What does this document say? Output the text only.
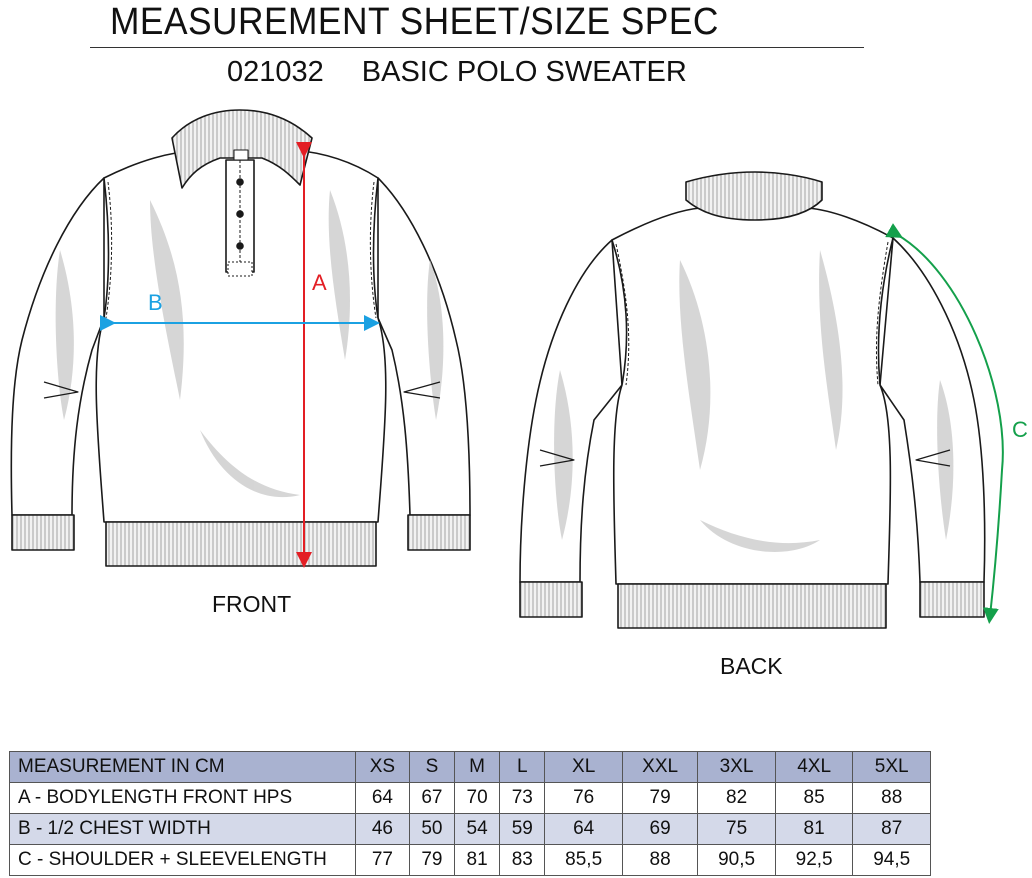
MEASUREMENT SHEET/SIZE SPEC
021032 BASIC POLO SWEATER
A
B
C
FRONT
BACK
MEASUREMENT IN CM	XS	S	M	L	XL	XXL	3XL	4XL	5XL
A - BODYLENGTH FRONT HPS	64	67	70	73	76	79	82	85	88
B - 1/2 CHEST WIDTH	46	50	54	59	64	69	75	81	87
C - SHOULDER + SLEEVELENGTH	77	79	81	83	85,5	88	90,5	92,5	94,5
